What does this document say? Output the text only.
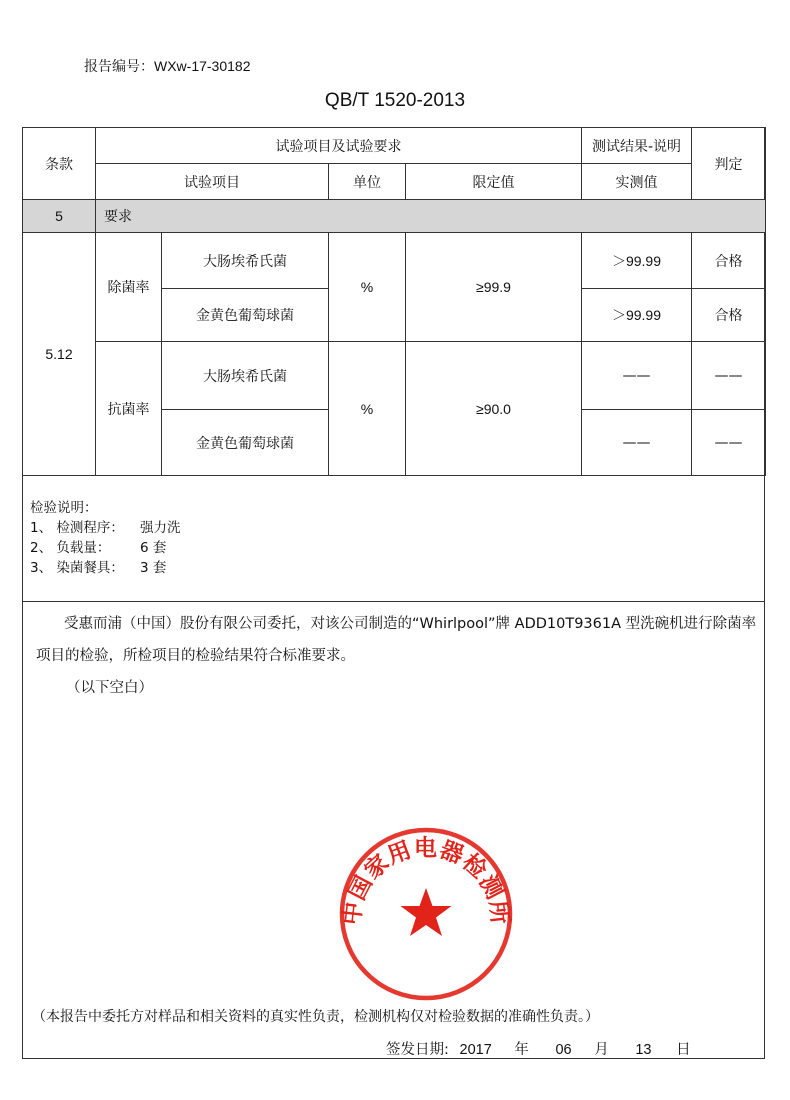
报告编号：WXw-17-30182
QB/T 1520-2013
条款	试验项目及试验要求				测试结果-说明	判定
	试验项目		单位	限定值	实测值	
5	要求					
5.12	除菌率	大肠埃希氏菌	%	≥99.9	＞99.99	合格
		金黄色葡萄球菌			＞99.99	合格
	抗菌率	大肠埃希氏菌	%	≥90.0	——	——
		金黄色葡萄球菌			——	——
检验说明：
1、 检测程序：	强力洗
2、 负载量：	6 套
3、 染菌餐具：	3 套
受惠而浦（中国）股份有限公司委托，对该公司制造的“Whirlpool”牌 ADD10T9361A 型洗碗机进行除菌率项目的检验，所检项目的检验结果符合标准要求。
（以下空白）
中国家用电器检测所
（本报告中委托方对样品和相关资料的真实性负责，检测机构仅对检验数据的准确性负责。）
签发日期: 2017 年 06 月 13 日
